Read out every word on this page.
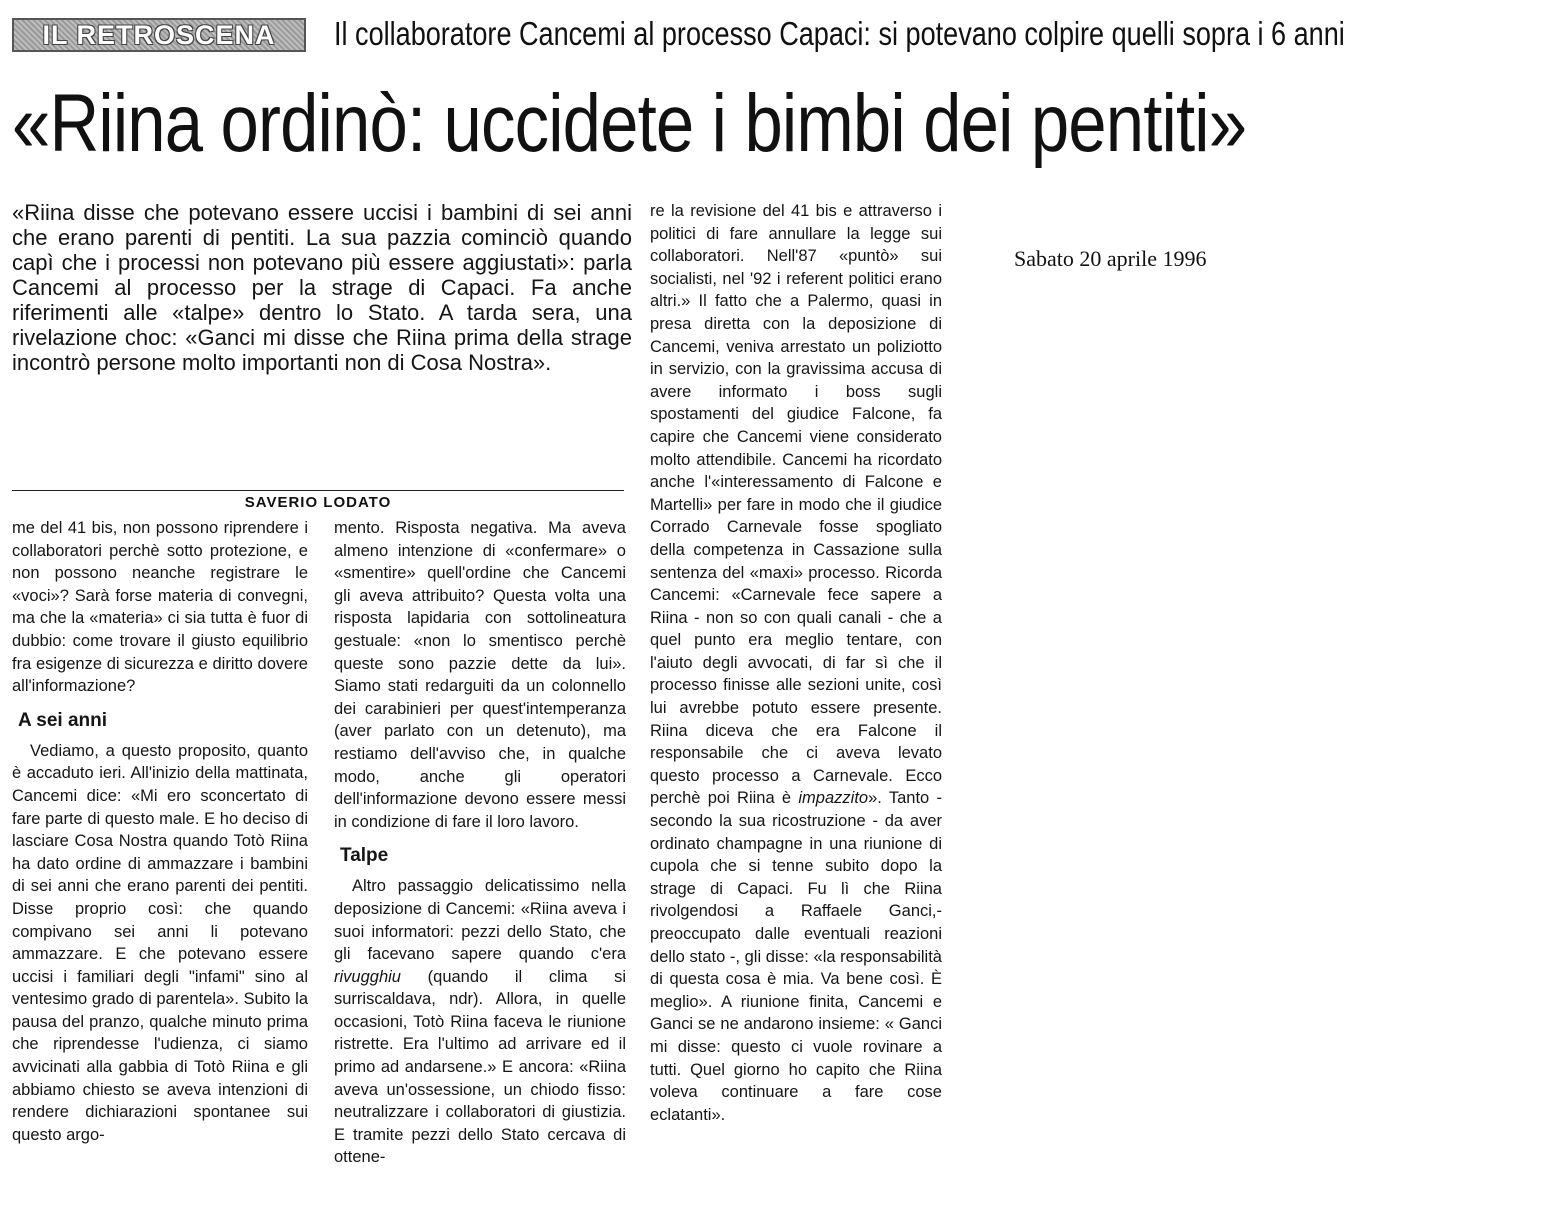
IL RETROSCENA	Il collaboratore Cancemi al processo Capaci: si potevano colpire quelli sopra i 6 anni
«Riina ordinò: uccidete i bimbi dei pentiti»
«Riina disse che potevano essere uccisi i bambini di sei anni che erano parenti di pentiti. La sua pazzia cominciò quando capì che i processi non potevano più essere aggiustati»: parla Cancemi al processo per la strage di Capaci. Fa anche riferimenti alle «talpe» dentro lo Stato. A tarda sera, una rivelazione choc: «Ganci mi disse che Riina prima della strage incontrò persone molto importanti non di Cosa Nostra».
SAVERIO LODATO

me del 41 bis, non possono riprendere i collaboratori perchè sotto protezione, e non possono neanche registrare le «voci»? Sarà forse materia di convegni, ma che la «materia» ci sia tutta è fuor di dubbio: come trovare il giusto equilibrio fra esigenze di sicurezza e diritto dovere all'informazione?

A sei anni

Vediamo, a questo proposito, quanto è accaduto ieri. All'inizio della mattinata, Cancemi dice: «Mi ero sconcertato di fare parte di questo male. E ho deciso di lasciare Cosa Nostra quando Totò Riina ha dato ordine di ammazzare i bambini di sei anni che erano parenti dei pentiti. Disse proprio così: che quando compivano sei anni li potevano ammazzare. E che potevano essere uccisi i familiari degli "infami" sino al ventesimo grado di parentela». Subito la pausa del pranzo, qualche minuto prima che riprendesse l'udienza, ci siamo avvicinati alla gabbia di Totò Riina e gli abbiamo chiesto se aveva intenzioni di rendere dichiarazioni spontanee sui questo argo-

mento. Risposta negativa. Ma aveva almeno intenzione di «confermare» o «smentire» quell'ordine che Cancemi gli aveva attribuito? Questa volta una risposta lapidaria con sottolineatura gestuale: «non lo smentisco perchè queste sono pazzie dette da lui». Siamo stati redarguiti da un colonnello dei carabinieri per quest'intemperanza (aver parlato con un detenuto), ma restiamo dell'avviso che, in qualche modo, anche gli operatori dell'informazione devono essere messi in condizione di fare il loro lavoro.

Talpe

Altro passaggio delicatissimo nella deposizione di Cancemi: «Riina aveva i suoi informatori: pezzi dello Stato, che gli facevano sapere quando c'era rivugghiu (quando il clima si surriscaldava, ndr). Allora, in quelle occasioni, Totò Riina faceva le riunione ristrette. Era l'ultimo ad arrivare ed il primo ad andarsene.» E ancora: «Riina aveva un'ossessione, un chiodo fisso: neutralizzare i collaboratori di giustizia. E tramite pezzi dello Stato cercava di ottene-

re la revisione del 41 bis e attraverso i politici di fare annullare la legge sui collaboratori. Nell'87 «puntò» sui socialisti, nel '92 i referent politici erano altri.» Il fatto che a Palermo, quasi in presa diretta con la deposizione di Cancemi, veniva arrestato un poliziotto in servizio, con la gravissima accusa di avere informato i boss sugli spostamenti del giudice Falcone, fa capire che Cancemi viene considerato molto attendibile. Cancemi ha ricordato anche l'«interessamento di Falcone e Martelli» per fare in modo che il giudice Corrado Carnevale fosse spogliato della competenza in Cassazione sulla sentenza del «maxi» processo. Ricorda Cancemi: «Carnevale fece sapere a Riina - non so con quali canali - che a quel punto era meglio tentare, con l'aiuto degli avvocati, di far sì che il processo finisse alle sezioni unite, così lui avrebbe potuto essere presente. Riina diceva che era Falcone il responsabile che ci aveva levato questo processo a Carnevale. Ecco perchè poi Riina è impazzito». Tanto -secondo la sua ricostruzione - da aver ordinato champagne in una riunione di cupola che si tenne subito dopo la strage di Capaci. Fu lì che Riina rivolgendosi a Raffaele Ganci,- preoccupato dalle eventuali reazioni dello stato -, gli disse: «la responsabilità di questa cosa è mia. Va bene così. È meglio». A riunione finita, Cancemi e Ganci se ne andarono insieme: « Ganci mi disse: questo ci vuole rovinare a tutti. Quel giorno ho capito che Riina voleva continuare a fare cose eclatanti».

Sabato 20 aprile 1996
